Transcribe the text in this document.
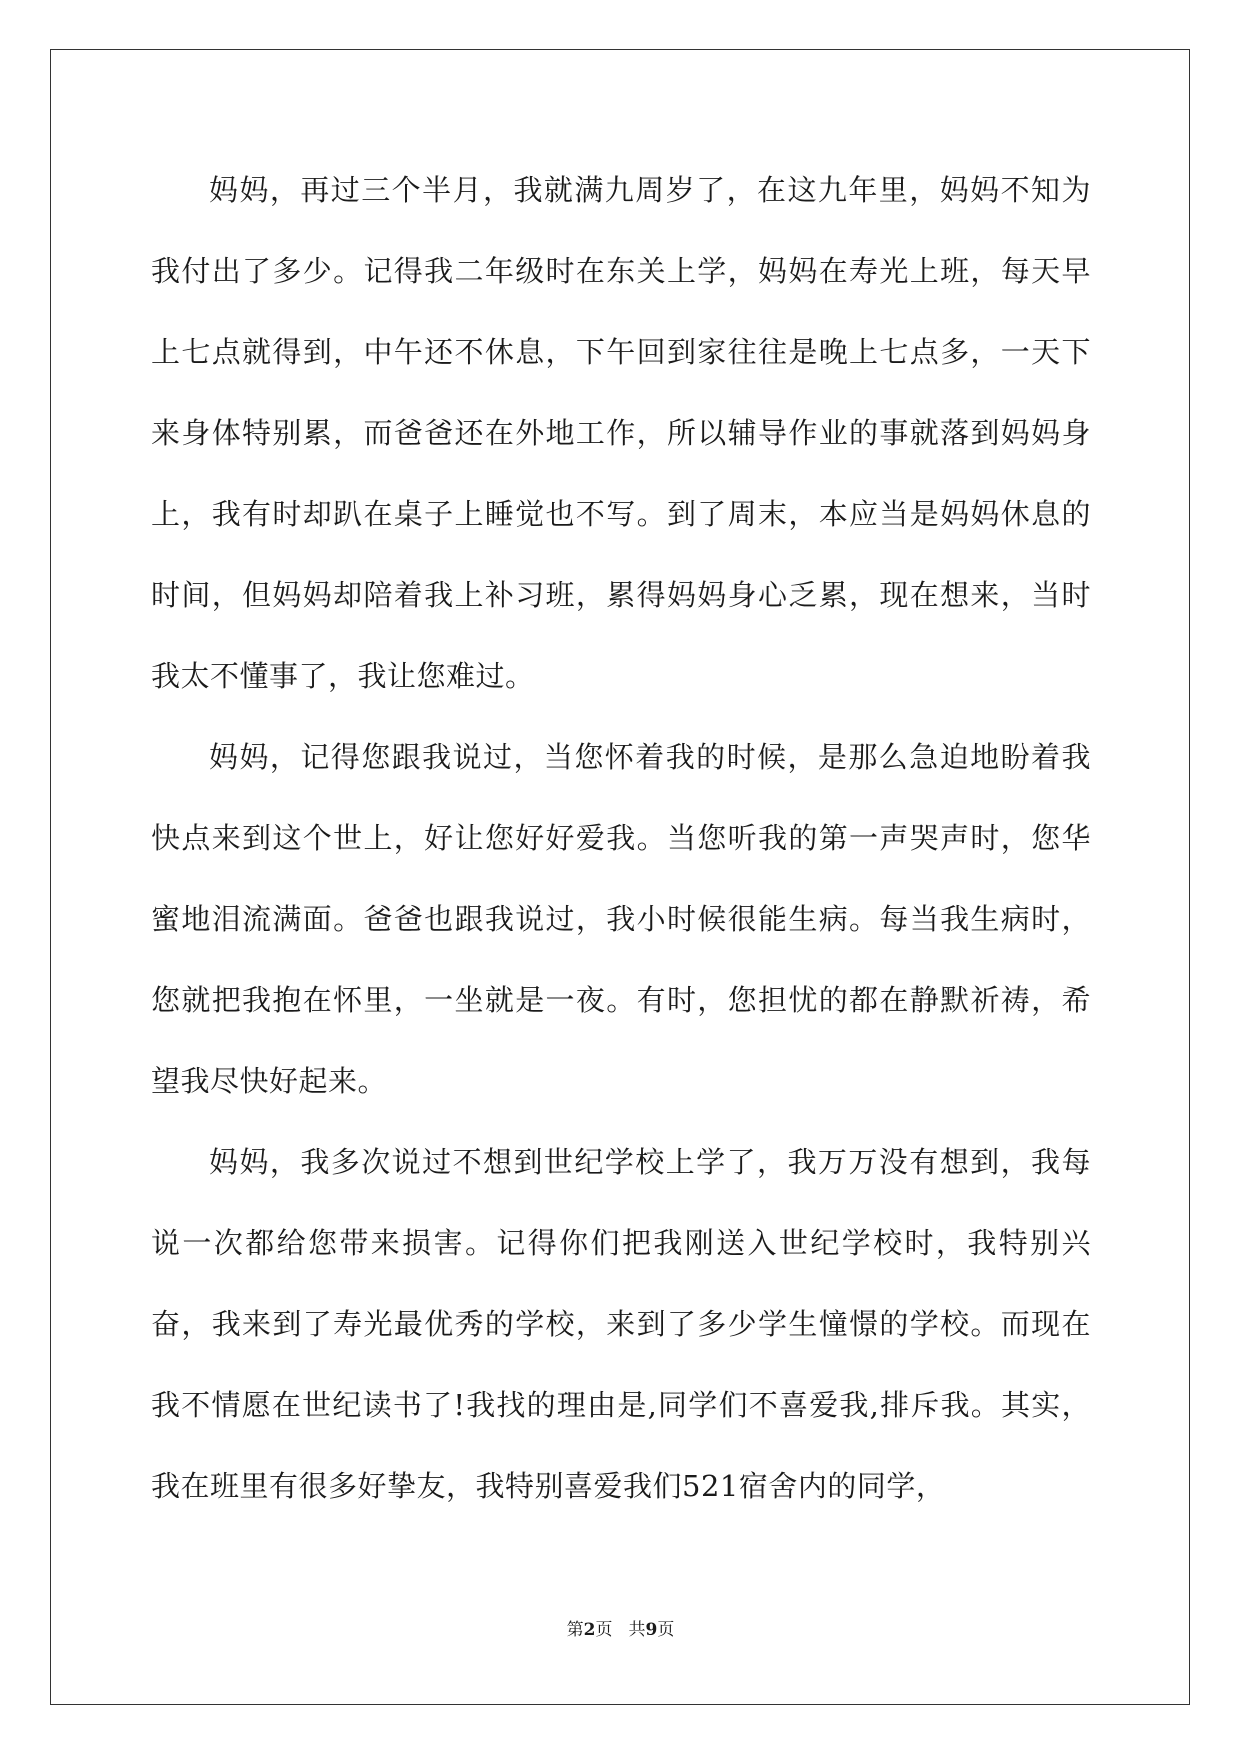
妈妈，再过三个半月，我就满九周岁了，在这九年里，妈妈不知为我付出了多少。记得我二年级时在东关上学，妈妈在寿光上班，每天早上七点就得到，中午还不休息，下午回到家往往是晚上七点多，一天下来身体特别累，而爸爸还在外地工作，所以辅导作业的事就落到妈妈身上，我有时却趴在桌子上睡觉也不写。到了周末，本应当是妈妈休息的时间，但妈妈却陪着我上补习班，累得妈妈身心乏累，现在想来，当时我太不懂事了，我让您难过。

妈妈，记得您跟我说过，当您怀着我的时候，是那么急迫地盼着我快点来到这个世上，好让您好好爱我。当您听我的第一声哭声时，您华蜜地泪流满面。爸爸也跟我说过，我小时候很能生病。每当我生病时，您就把我抱在怀里，一坐就是一夜。有时，您担忧的都在静默祈祷，希望我尽快好起来。

妈妈，我多次说过不想到世纪学校上学了，我万万没有想到，我每说一次都给您带来损害。记得你们把我刚送入世纪学校时，我特别兴奋，我来到了寿光最优秀的学校，来到了多少学生憧憬的学校。而现在我不情愿在世纪读书了!我找的理由是,同学们不喜爱我,排斥我。其实，我在班里有很多好挚友，我特别喜爱我们521宿舍内的同学，

第2页 共9页
